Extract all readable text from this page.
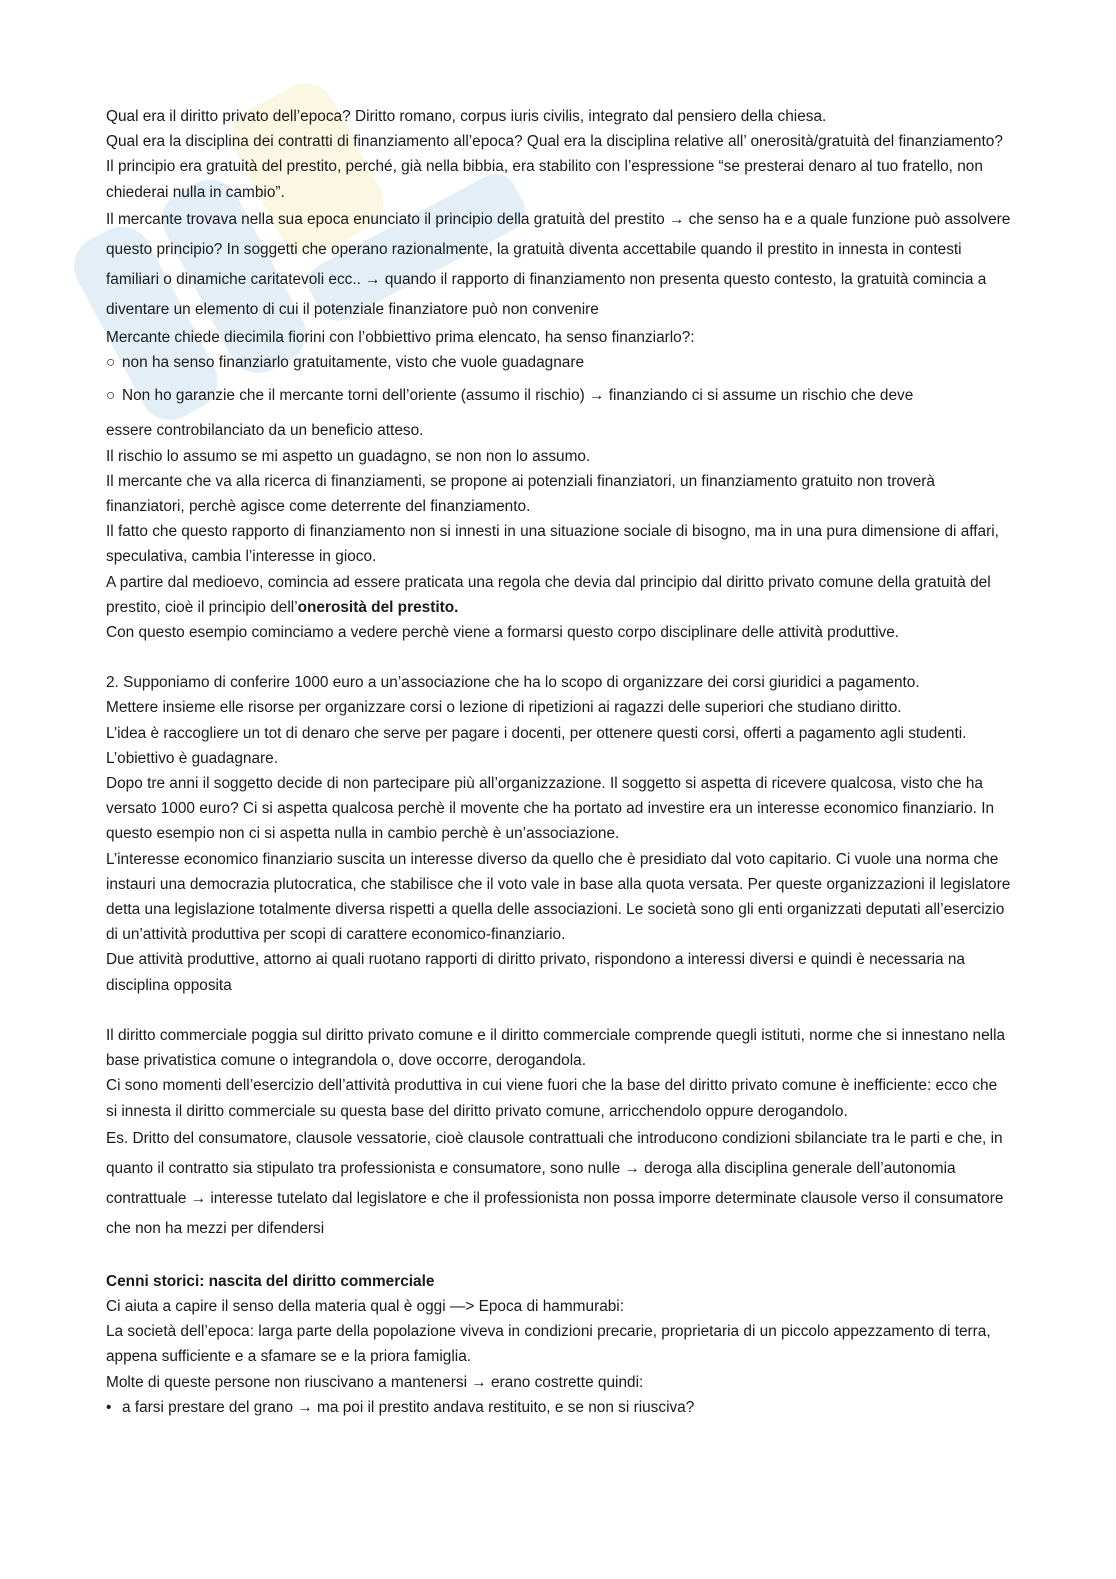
Qual era il diritto privato dell’epoca? Diritto romano, corpus iuris civilis, integrato dal pensiero della chiesa.

Qual era la disciplina dei contratti di finanziamento all’epoca? Qual era la disciplina relative all’ onerosità/gratuità del finanziamento? Il principio era gratuità del prestito, perché, già nella bibbia, era stabilito con l’espressione “se presterai denaro al tuo fratello, non chiederai nulla in cambio”.

Il mercante trovava nella sua epoca enunciato il principio della gratuità del prestito → che senso ha e a quale funzione può assolvere questo principio? In soggetti che operano razionalmente, la gratuità diventa accettabile quando il prestito in innesta in contesti familiari o dinamiche caritatevoli ecc.. → quando il rapporto di finanziamento non presenta questo contesto, la gratuità comincia a diventare un elemento di cui il potenziale finanziatore può non convenire

Mercante chiede diecimila fiorini con l’obbiettivo prima elencato, ha senso finanziarlo?:

○ non ha senso finanziarlo gratuitamente, visto che vuole guadagnare
○ Non ho garanzie che il mercante torni dell’oriente (assumo il rischio) → finanziando ci si assume un rischio che deve

essere controbilanciato da un beneficio atteso.

Il rischio lo assumo se mi aspetto un guadagno, se non non lo assumo.

Il mercante che va alla ricerca di finanziamenti, se propone ai potenziali finanziatori, un finanziamento gratuito non troverà finanziatori, perchè agisce come deterrente del finanziamento.

Il fatto che questo rapporto di finanziamento non si innesti in una situazione sociale di bisogno, ma in una pura dimensione di affari, speculativa, cambia l’interesse in gioco.

A partire dal medioevo, comincia ad essere praticata una regola che devia dal principio dal diritto privato comune della gratuità del prestito, cioè il principio dell’onerosità del prestito.

Con questo esempio cominciamo a vedere perchè viene a formarsi questo corpo disciplinare delle attività produttive.

2. Supponiamo di conferire 1000 euro a un’associazione che ha lo scopo di organizzare dei corsi giuridici a pagamento.

Mettere insieme elle risorse per organizzare corsi o lezione di ripetizioni ai ragazzi delle superiori che studiano diritto.

L’idea è raccogliere un tot di denaro che serve per pagare i docenti, per ottenere questi corsi, offerti a pagamento agli studenti. L’obiettivo è guadagnare.

Dopo tre anni il soggetto decide di non partecipare più all’organizzazione. Il soggetto si aspetta di ricevere qualcosa, visto che ha versato 1000 euro? Ci si aspetta qualcosa perchè il movente che ha portato ad investire era un interesse economico finanziario. In questo esempio non ci si aspetta nulla in cambio perchè è un’associazione.

L’interesse economico finanziario suscita un interesse diverso da quello che è presidiato dal voto capitario. Ci vuole una norma che instauri una democrazia plutocratica, che stabilisce che il voto vale in base alla quota versata. Per queste organizzazioni il legislatore detta una legislazione totalmente diversa rispetti a quella delle associazioni. Le società sono gli enti organizzati deputati all’esercizio di un’attività produttiva per scopi di carattere economico-finanziario.

Due attività produttive, attorno ai quali ruotano rapporti di diritto privato, rispondono a interessi diversi e quindi è necessaria na disciplina opposita

Il diritto commerciale poggia sul diritto privato comune e il diritto commerciale comprende quegli istituti, norme che si innestano nella base privatistica comune o integrandola o, dove occorre, derogandola.

Ci sono momenti dell’esercizio dell’attività produttiva in cui viene fuori che la base del diritto privato comune è inefficiente: ecco che si innesta il diritto commerciale su questa base del diritto privato comune, arricchendolo oppure derogandolo.

Es. Dritto del consumatore, clausole vessatorie, cioè clausole contrattuali che introducono condizioni sbilanciate tra le parti e che, in quanto il contratto sia stipulato tra professionista e consumatore, sono nulle → deroga alla disciplina generale dell’autonomia contrattuale → interesse tutelato dal legislatore e che il professionista non possa imporre determinate clausole verso il consumatore che non ha mezzi per difendersi

Cenni storici: nascita del diritto commerciale

Ci aiuta a capire il senso della materia qual è oggi —> Epoca di hammurabi:

La società dell’epoca: larga parte della popolazione viveva in condizioni precarie, proprietaria di un piccolo appezzamento di terra, appena sufficiente e a sfamare se e la priora famiglia.

Molte di queste persone non riuscivano a mantenersi → erano costrette quindi:

• a farsi prestare del grano → ma poi il prestito andava restituito, e se non si riusciva?
